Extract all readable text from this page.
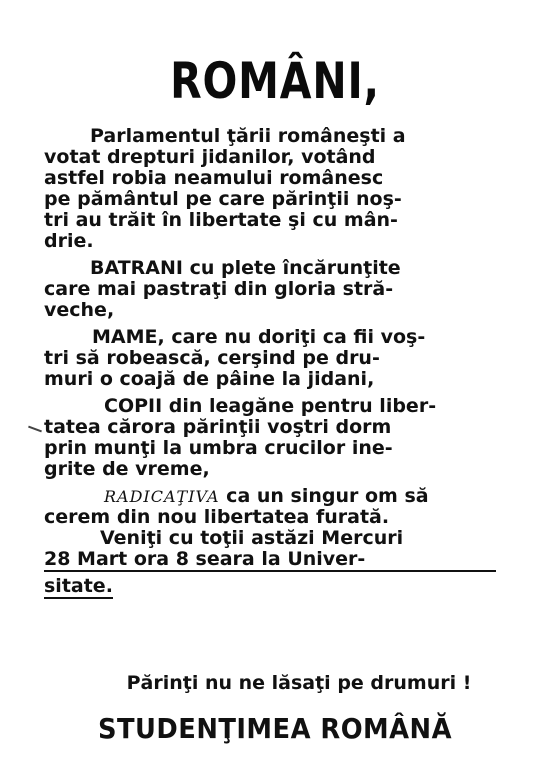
ROMÂNI,
Parlamentul ţării româneşti a
votat drepturi jidanilor, votând
astfel robia neamului românesc
pe pământul pe care părinţii noş-
tri au trăit în libertate şi cu mân-
drie.
BATRANI cu plete încărunţite
care mai pastraţi din gloria stră-
veche,
MAME, care nu doriţi ca fii voş-
tri să robească, cerşind pe dru-
muri o coajă de pâine la jidani,
COPII din leagăne pentru liber-
tatea cărora părinţii voştri dorm
prin munţi la umbra crucilor ine-
grite de vreme,
RADICAŢIVA ca un singur om să
cerem din nou libertatea furată.
Veniţi cu toţii astăzi Mercuri
28 Mart ora 8 seara la Univer-
sitate.
Părinţi nu ne lăsaţi pe drumuri !
STUDENŢIMEA ROMÂNĂ
